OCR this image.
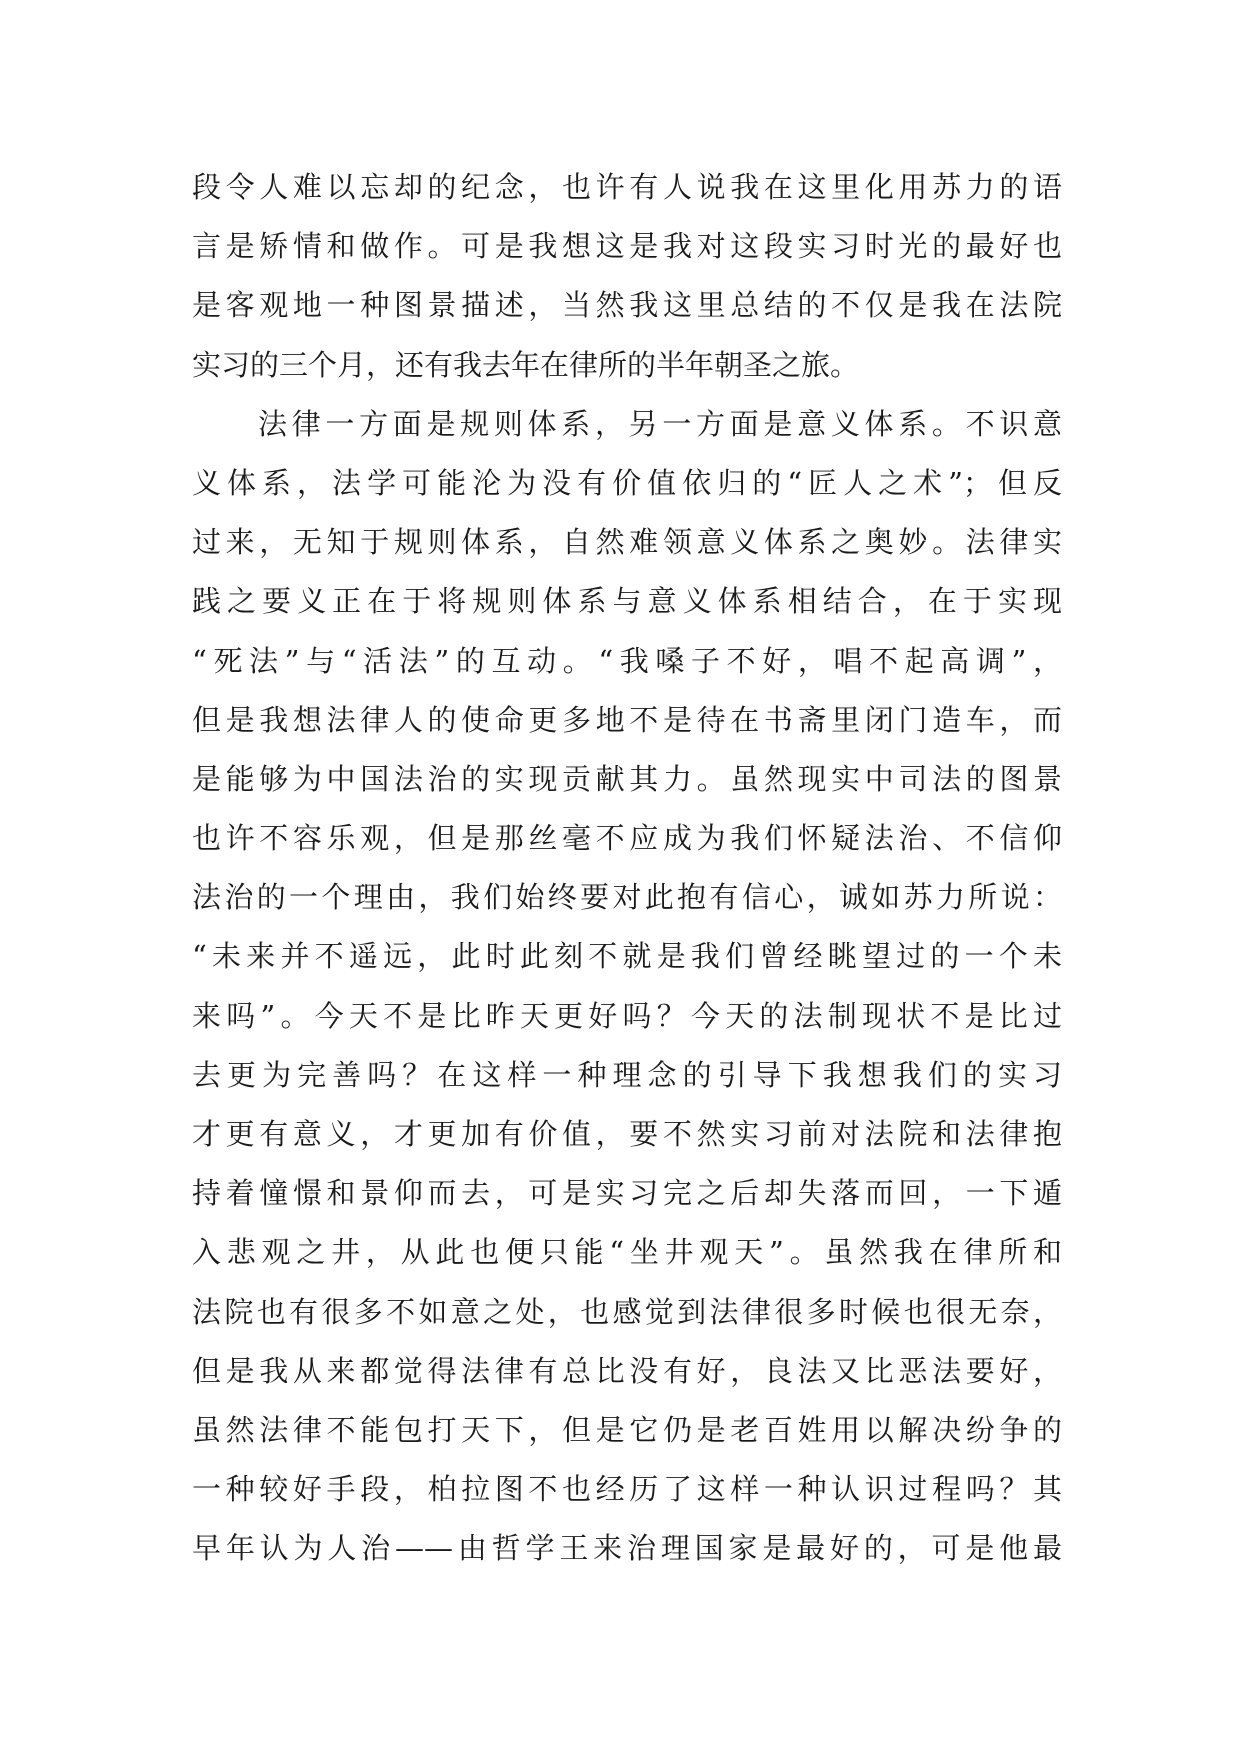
段令人难以忘却的纪念，也许有人说我在这里化用苏力的语
言是矫情和做作。可是我想这是我对这段实习时光的最好也
是客观地一种图景描述，当然我这里总结的不仅是我在法院
实习的三个月，还有我去年在律所的半年朝圣之旅。
法律一方面是规则体系，另一方面是意义体系。不识意
义体系，法学可能沦为没有价值依归的“匠人之术”；但反
过来，无知于规则体系，自然难领意义体系之奥妙。法律实
践之要义正在于将规则体系与意义体系相结合，在于实现
“死法”与“活法”的互动。“我嗓子不好，唱不起高调”，
但是我想法律人的使命更多地不是待在书斋里闭门造车，而
是能够为中国法治的实现贡献其力。虽然现实中司法的图景
也许不容乐观，但是那丝毫不应成为我们怀疑法治、不信仰
法治的一个理由，我们始终要对此抱有信心，诚如苏力所说：
“未来并不遥远，此时此刻不就是我们曾经眺望过的一个未
来吗”。今天不是比昨天更好吗？今天的法制现状不是比过
去更为完善吗？在这样一种理念的引导下我想我们的实习
才更有意义，才更加有价值，要不然实习前对法院和法律抱
持着憧憬和景仰而去，可是实习完之后却失落而回，一下遁
入悲观之井，从此也便只能“坐井观天”。虽然我在律所和
法院也有很多不如意之处，也感觉到法律很多时候也很无奈，
但是我从来都觉得法律有总比没有好，良法又比恶法要好，
虽然法律不能包打天下，但是它仍是老百姓用以解决纷争的
一种较好手段，柏拉图不也经历了这样一种认识过程吗？其
早年认为人治——由哲学王来治理国家是最好的，可是他最
